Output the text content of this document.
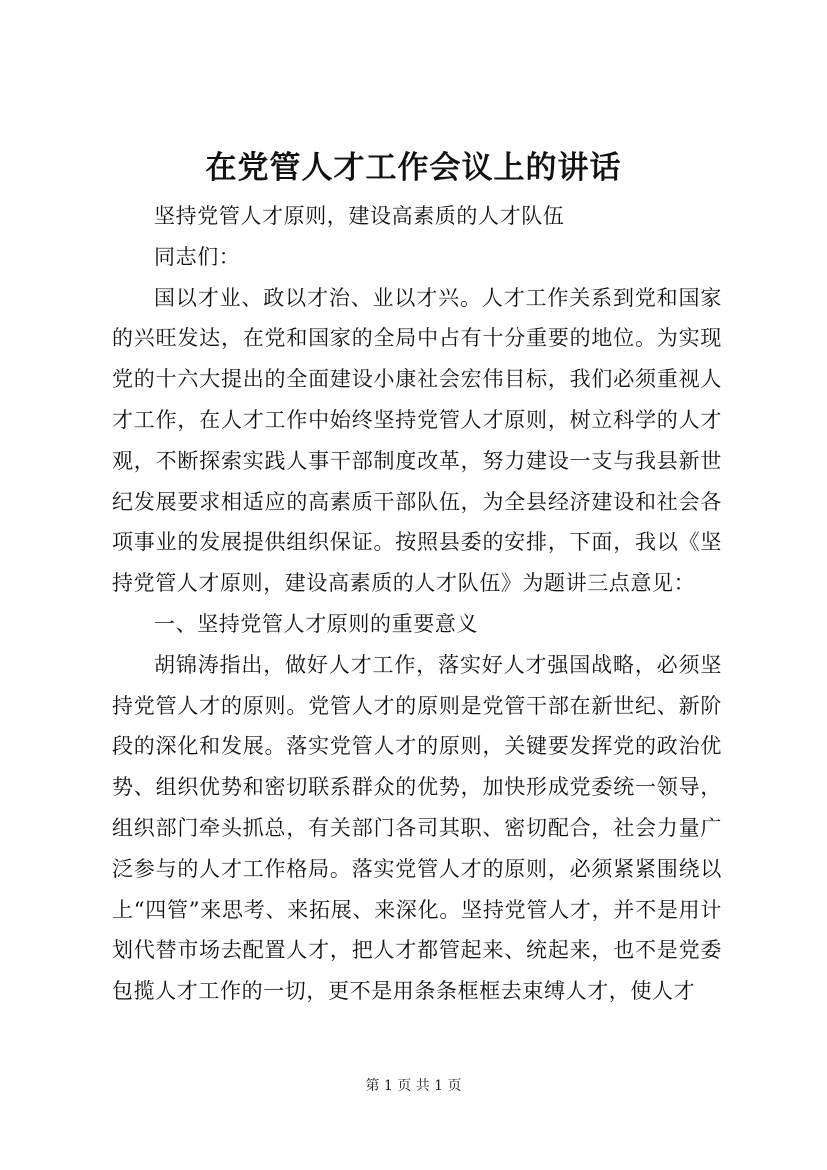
在党管人才工作会议上的讲话

坚持党管人才原则，建设高素质的人才队伍

同志们：

国以才业、政以才治、业以才兴。人才工作关系到党和国家的兴旺发达，在党和国家的全局中占有十分重要的地位。为实现党的十六大提出的全面建设小康社会宏伟目标，我们必须重视人才工作，在人才工作中始终坚持党管人才原则，树立科学的人才观，不断探索实践人事干部制度改革，努力建设一支与我县新世纪发展要求相适应的高素质干部队伍，为全县经济建设和社会各项事业的发展提供组织保证。按照县委的安排，下面，我以《坚持党管人才原则，建设高素质的人才队伍》为题讲三点意见：

一、坚持党管人才原则的重要意义

胡锦涛指出，做好人才工作，落实好人才强国战略，必须坚持党管人才的原则。党管人才的原则是党管干部在新世纪、新阶段的深化和发展。落实党管人才的原则，关键要发挥党的政治优势、组织优势和密切联系群众的优势，加快形成党委统一领导，组织部门牵头抓总，有关部门各司其职、密切配合，社会力量广泛参与的人才工作格局。落实党管人才的原则，必须紧紧围绕以上“四管”来思考、来拓展、来深化。坚持党管人才，并不是用计划代替市场去配置人才，把人才都管起来、统起来，也不是党委包揽人才工作的一切，更不是用条条框框去束缚人才，使人才

第 1 页 共 1 页
